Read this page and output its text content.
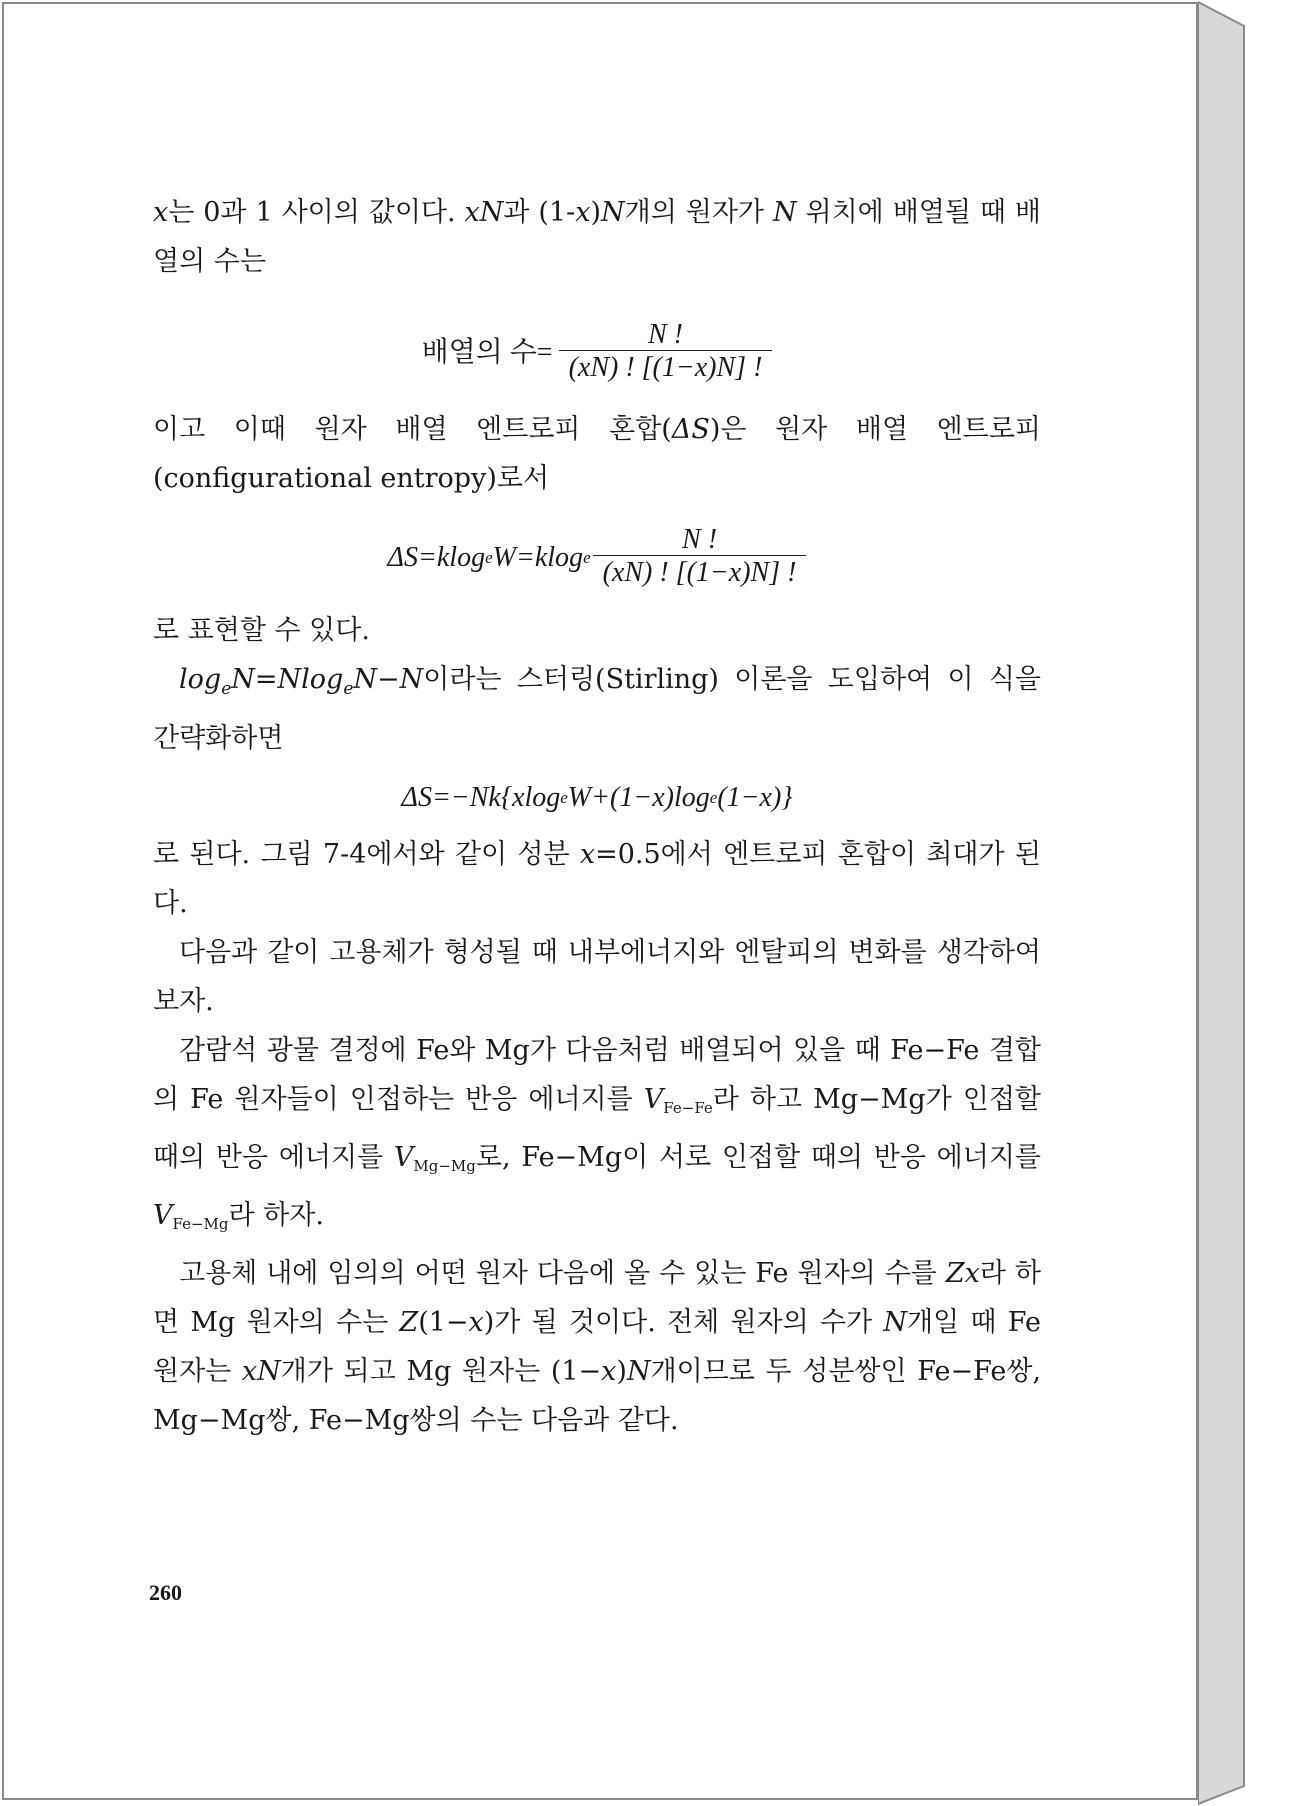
x는 0과 1 사이의 값이다. xN과 (1-x)N개의 원자가 N 위치에 배열될 때 배열의 수는

배열의 수= $\frac{N !}{(xN) ! [(1-x)N] !}$

이고 이때 원자 배열 엔트로피 혼합(ΔS)은 원자 배열 엔트로피 (configurational entropy)로서

ΔS=klog e W=klog e $\frac{N !}{(xN) ! [(1-x)N] !}$

로 표현할 수 있다.

$\log_eN=Nlog_eN-N$이라는 스터링(Stirling) 이론을 도입하여 이 식을 간략화하면

ΔS=−Nk{xlog e W+(1−x)log e (1−x)}

로 된다. 그림 7-4에서와 같이 성분 x=0.5에서 엔트로피 혼합이 최대가 된다.

다음과 같이 고용체가 형성될 때 내부에너지와 엔탈피의 변화를 생각하여 보자.

감람석 광물 결정에 Fe와 Mg가 다음처럼 배열되어 있을 때 Fe−Fe 결합의 Fe 원자들이 인접하는 반응 에너지를 $V_{Fe-Fe}$라 하고 Mg−Mg가 인접할 때의 반응 에너지를 $V_{Mg-Mg}$로, Fe−Mg이 서로 인접할 때의 반응 에너지를 $V_{Fe-Mg}$라 하자.

고용체 내에 임의의 어떤 원자 다음에 올 수 있는 Fe 원자의 수를 Zx라 하면 Mg 원자의 수는 Z(1−x)가 될 것이다. 전체 원자의 수가 N개일 때 Fe 원자는 xN개가 되고 Mg 원자는 (1−x)N개이므로 두 성분쌍인 Fe−Fe쌍, Mg−Mg쌍, Fe−Mg쌍의 수는 다음과 같다.

260
